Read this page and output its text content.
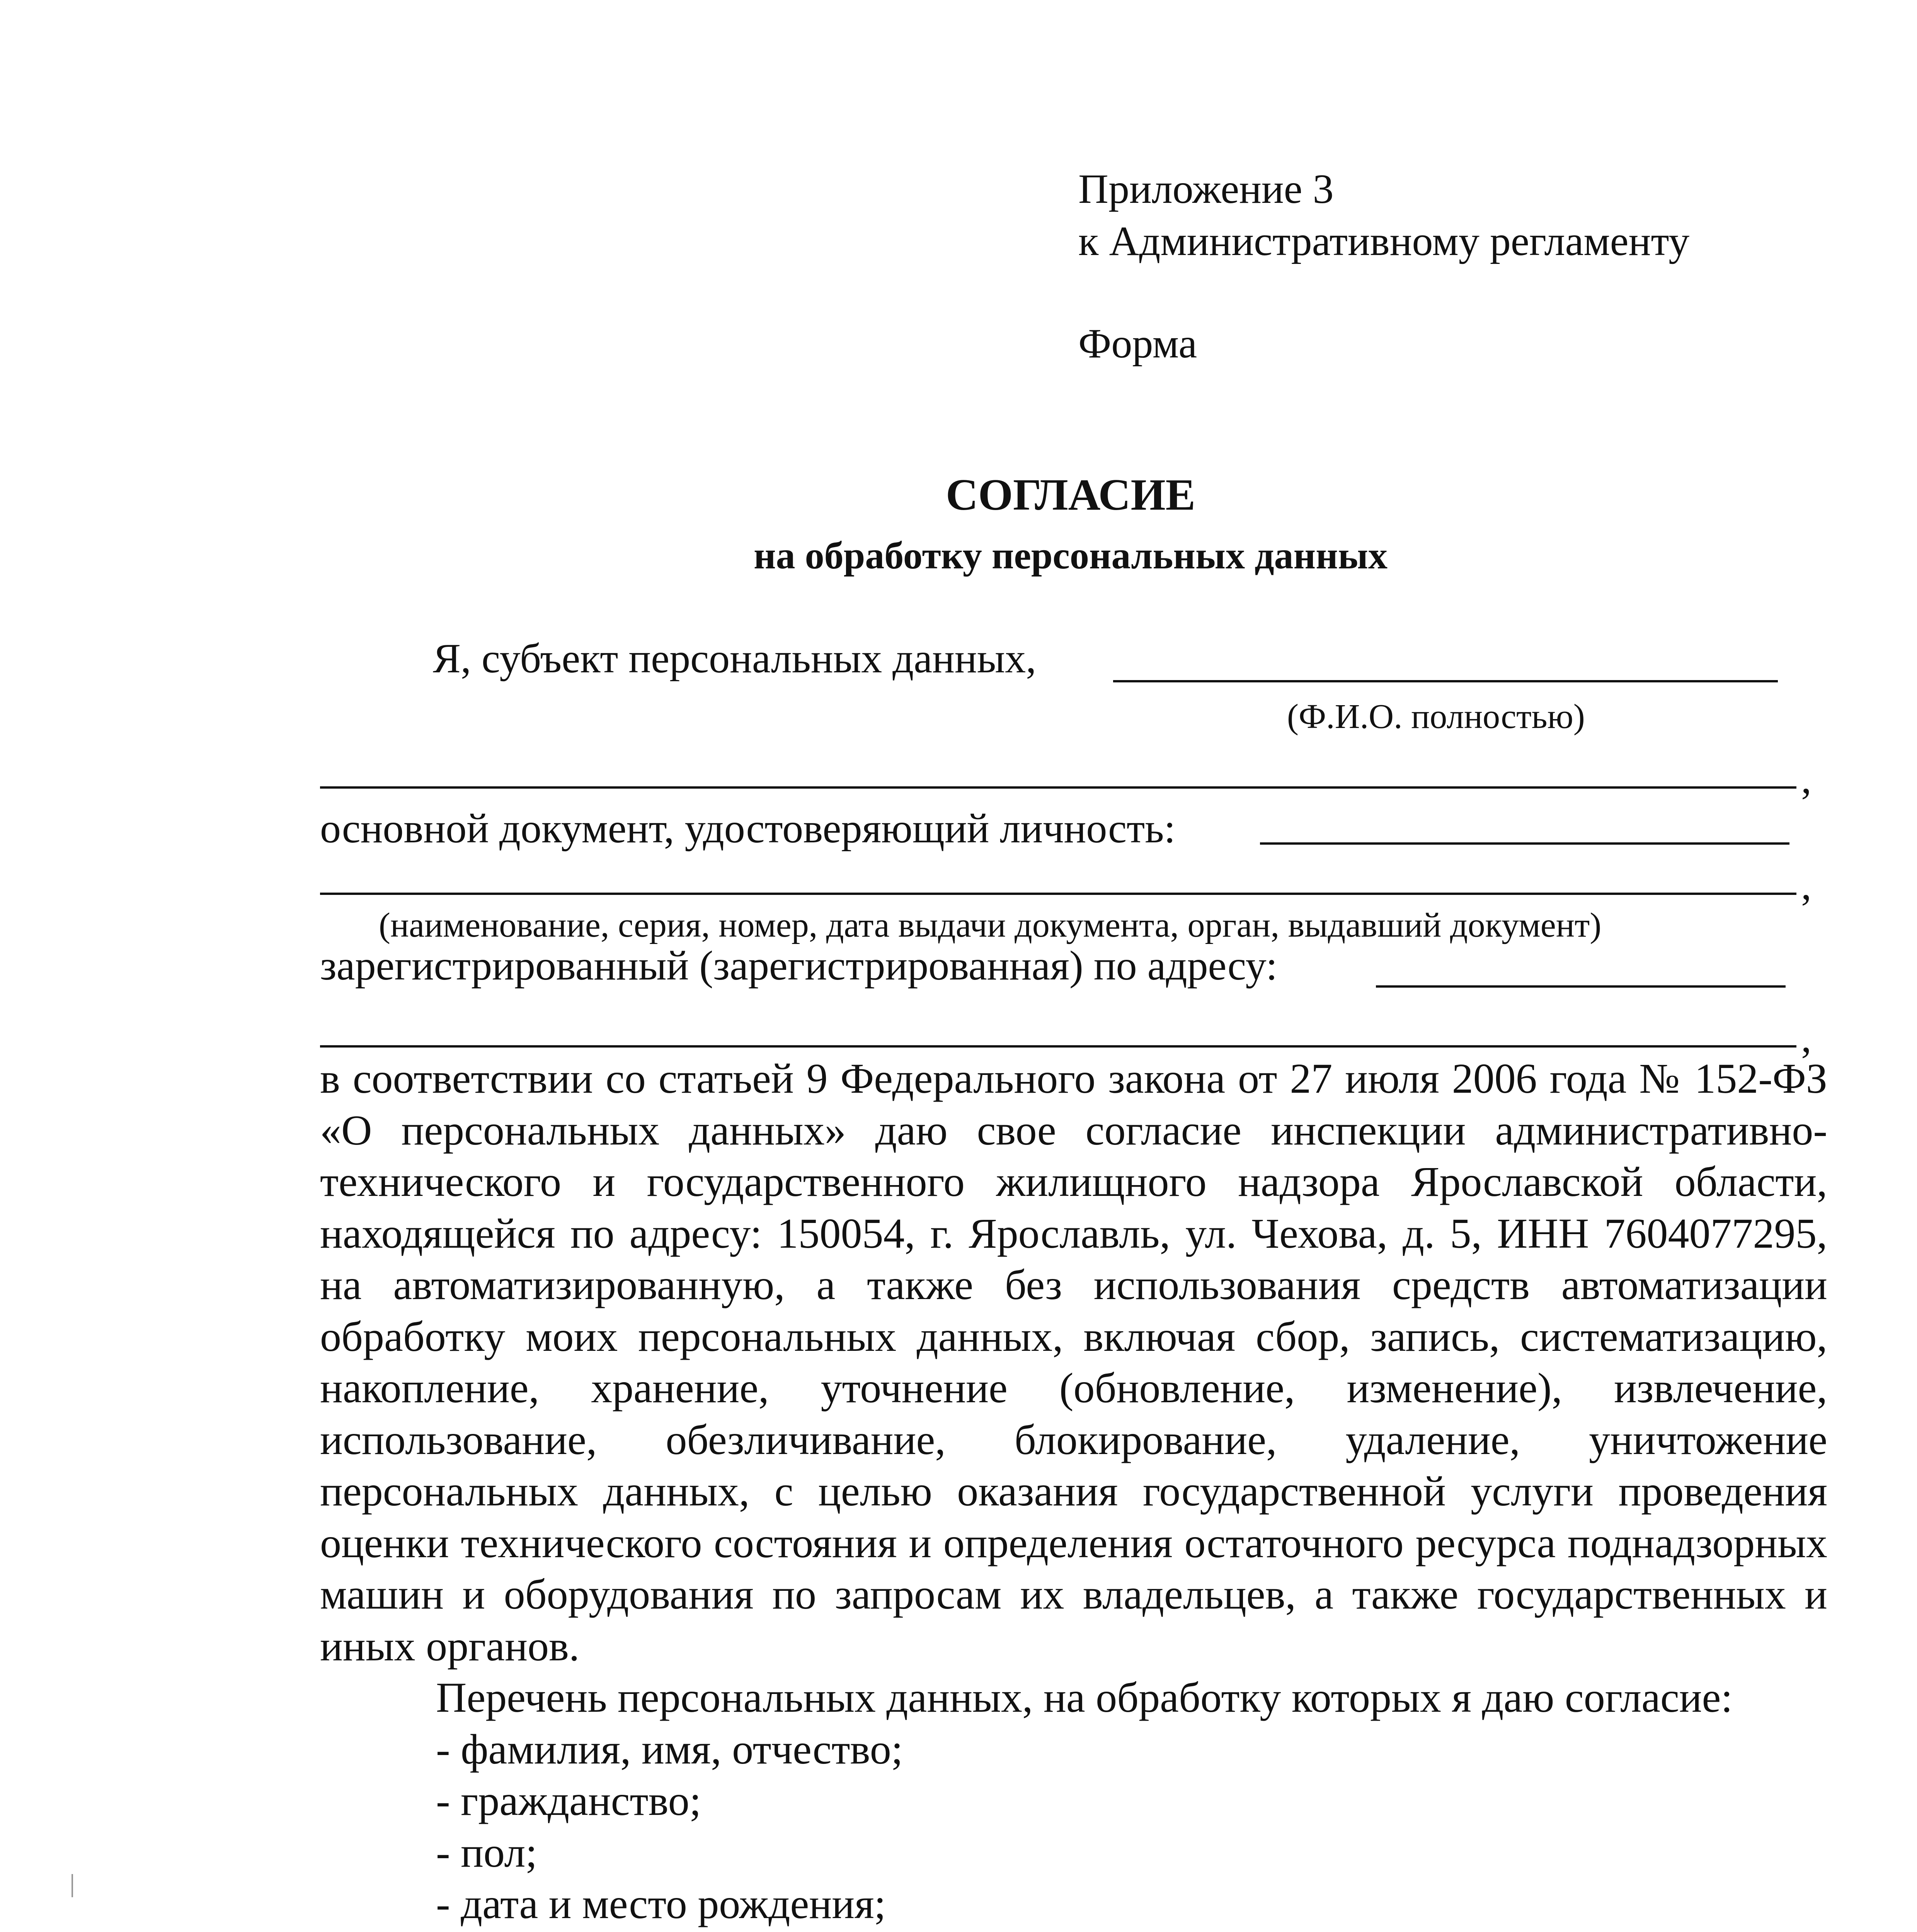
Приложение 3
к Административному регламенту
Форма
СОГЛАСИЕ
на обработку персональных данных
Я, субъект персональных данных,
(Ф.И.О. полностью)
,
основной документ, удостоверяющий личность:
,
(наименование, серия, номер, дата выдачи документа, орган, выдавший документ)
зарегистрированный (зарегистрированная) по адресу:
,

в соответствии со статьей 9 Федерального закона от 27 июля 2006 года № 152-ФЗ «О персональных данных» даю свое согласие инспекции административно-технического и государственного жилищного надзора Ярославской области, находящейся по адресу: 150054, г. Ярославль, ул. Чехова, д. 5, ИНН 7604077295, на автоматизированную, а также без использования средств автоматизации обработку моих персональных данных, включая сбор, запись, систематизацию, накопление, хранение, уточнение (обновление, изменение), извлечение, использование, обезличивание, блокирование, удаление, уничтожение персональных данных, с целью оказания государственной услуги проведения оценки технического состояния и определения остаточного ресурса поднадзорных машин и оборудования по запросам их владельцев, а также государственных и иных органов.

Перечень персональных данных, на обработку которых я даю согласие:

- фамилия, имя, отчество;

- гражданство;

- пол;

- дата и место рождения;
